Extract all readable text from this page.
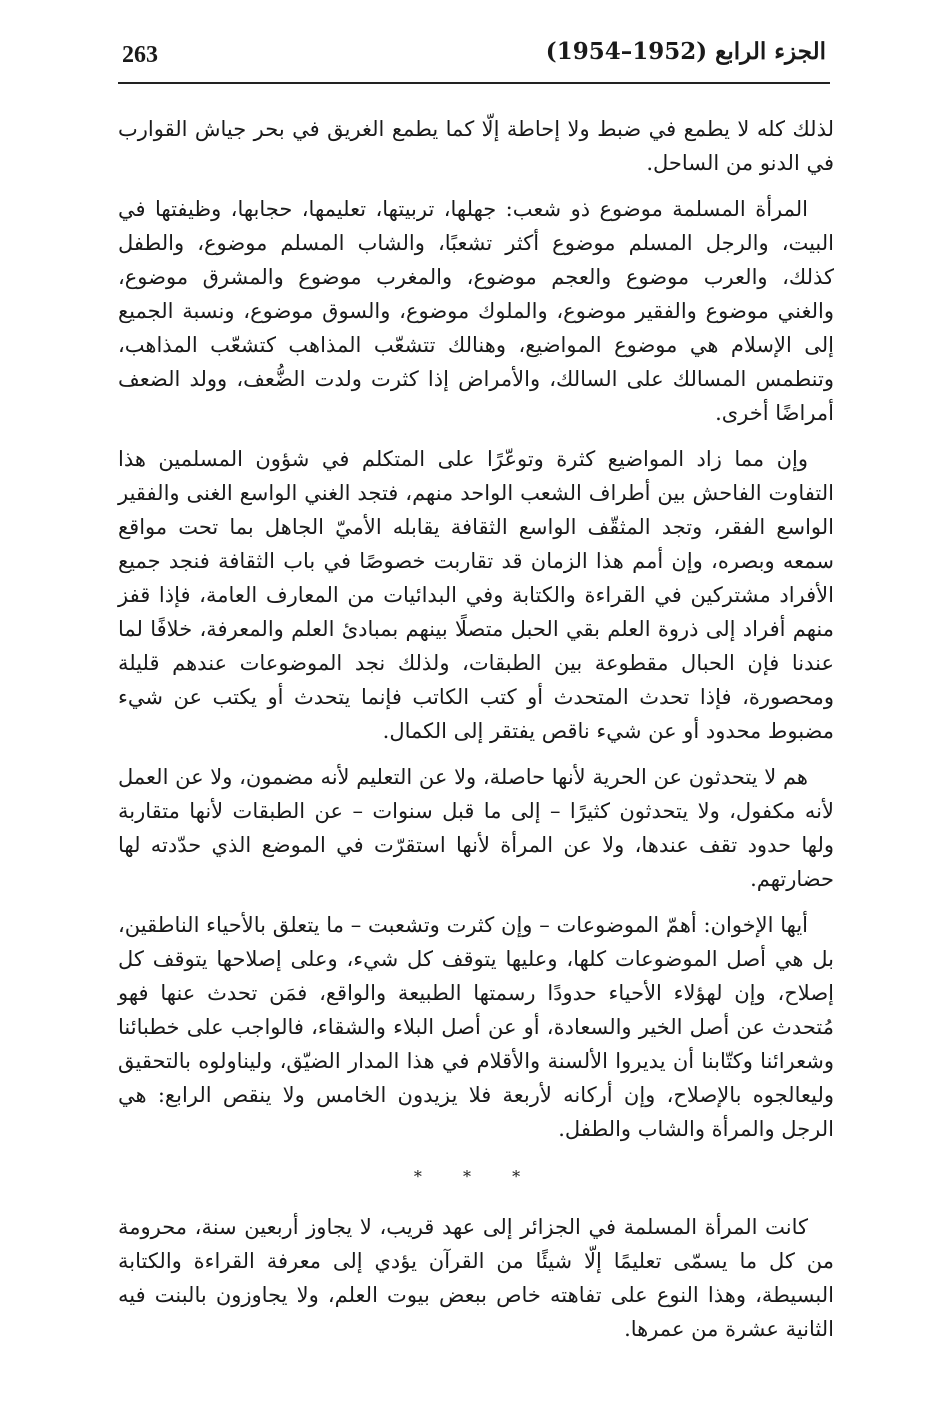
263	الجزء الرابع (1952–1954)

لذلك كله لا يطمع في ضبط ولا إحاطة إلّا كما يطمع الغريق في بحر جياش القوارب في الدنو من الساحل.

المرأة المسلمة موضوع ذو شعب: جهلها، تربيتها، تعليمها، حجابها، وظيفتها في البيت، والرجل المسلم موضوع أكثر تشعبًا، والشاب المسلم موضوع، والطفل كذلك، والعرب موضوع والعجم موضوع، والمغرب موضوع والمشرق موضوع، والغني موضوع والفقير موضوع، والملوك موضوع، والسوق موضوع، ونسبة الجميع إلى الإسلام هي موضوع المواضيع، وهنالك تتشعّب المذاهب كتشعّب المذاهب، وتنطمس المسالك على السالك، والأمراض إذا كثرت ولدت الضُّعف، وولد الضعف أمراضًا أخرى.

وإن مما زاد المواضيع كثرة وتوعّرًا على المتكلم في شؤون المسلمين هذا التفاوت الفاحش بين أطراف الشعب الواحد منهم، فتجد الغني الواسع الغنى والفقير الواسع الفقر، وتجد المثقّف الواسع الثقافة يقابله الأميّ الجاهل بما تحت مواقع سمعه وبصره، وإن أمم هذا الزمان قد تقاربت خصوصًا في باب الثقافة فنجد جميع الأفراد مشتركين في القراءة والكتابة وفي البدائيات من المعارف العامة، فإذا قفز منهم أفراد إلى ذروة العلم بقي الحبل متصلًا بينهم بمبادئ العلم والمعرفة، خلافًا لما عندنا فإن الحبال مقطوعة بين الطبقات، ولذلك نجد الموضوعات عندهم قليلة ومحصورة، فإذا تحدث المتحدث أو كتب الكاتب فإنما يتحدث أو يكتب عن شيء مضبوط محدود أو عن شيء ناقص يفتقر إلى الكمال.

هم لا يتحدثون عن الحرية لأنها حاصلة، ولا عن التعليم لأنه مضمون، ولا عن العمل لأنه مكفول، ولا يتحدثون كثيرًا – إلى ما قبل سنوات – عن الطبقات لأنها متقاربة ولها حدود تقف عندها، ولا عن المرأة لأنها استقرّت في الموضع الذي حدّدته لها حضارتهم.

أيها الإخوان: أهمّ الموضوعات – وإن كثرت وتشعبت – ما يتعلق بالأحياء الناطقين، بل هي أصل الموضوعات كلها، وعليها يتوقف كل شيء، وعلى إصلاحها يتوقف كل إصلاح، وإن لهؤلاء الأحياء حدودًا رسمتها الطبيعة والواقع، فمَن تحدث عنها فهو مُتحدث عن أصل الخير والسعادة، أو عن أصل البلاء والشقاء، فالواجب على خطبائنا وشعرائنا وكتّابنا أن يديروا الألسنة والأقلام في هذا المدار الضيّق، وليناولوه بالتحقيق وليعالجوه بالإصلاح، وإن أركانه لأربعة فلا يزيدون الخامس ولا ينقص الرابع: هي الرجل والمرأة والشاب والطفل.

* * *

كانت المرأة المسلمة في الجزائر إلى عهد قريب، لا يجاوز أربعين سنة، محرومة من كل ما يسمّى تعليمًا إلّا شيئًا من القرآن يؤدي إلى معرفة القراءة والكتابة البسيطة، وهذا النوع على تفاهته خاص ببعض بيوت العلم، ولا يجاوزون بالبنت فيه الثانية عشرة من عمرها.
